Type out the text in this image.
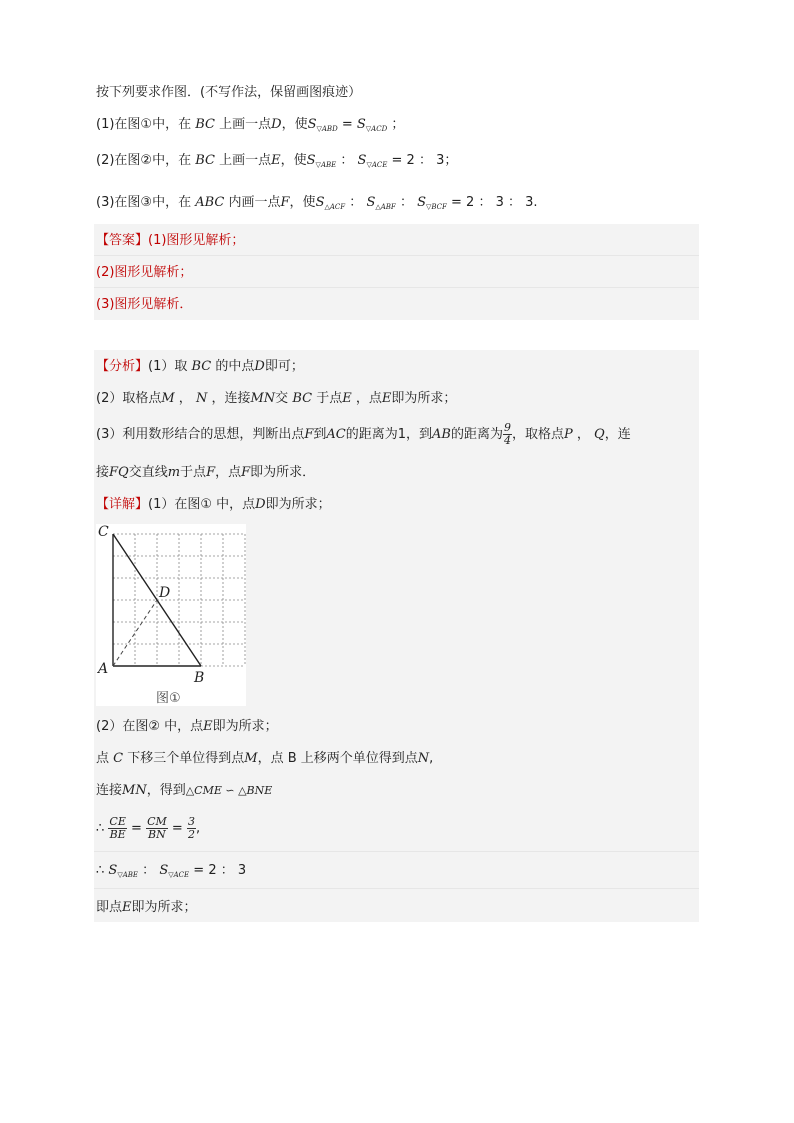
按下列要求作图．(不写作法，保留画图痕迹）
(1)在图①中，在 BC 上画一点D，使$S_{▽ABD} = S_{▽ACD}$ ；
(2)在图②中，在 BC 上画一点E，使$S_{▽ABE}$ ： $S_{▽ACE} = 2$ ： 3；
(3)在图③中，在 ABC 内画一点F，使$S_{\triangle ACF}$ ： $S_{\triangle ABF}$ ： $S_{▽BCF} = 2$ ： 3 ： 3.
【答案】(1)图形见解析；
(2)图形见解析；
(3)图形见解析．
【分析】(1）取 BC 的中点D即可；
(2）取格点M ， N ，连接MN交 BC 于点E ，点E即为所求；
(3）利用数形结合的思想，判断出点F到AC的距离为1，到AB的距离为 $\frac{9}{4}$ ，取格点P ， Q，连
接FQ交直线m于点F，点F即为所求．
【详解】(1）在图① 中，点D即为所求；
C
A
B
D
图①
(2）在图② 中，点E即为所求；
点 C 下移三个单位得到点M，点 B 上移两个单位得到点N,
连接MN，得到△CME ∽ △BNE
∴ $\frac{CE}{BE} = \frac{CM}{BN} = \frac{3}{2}$ ,
∴ $S_{▽ABE}$ ： $S_{▽ACE} = 2$ ： 3
即点E即为所求；
